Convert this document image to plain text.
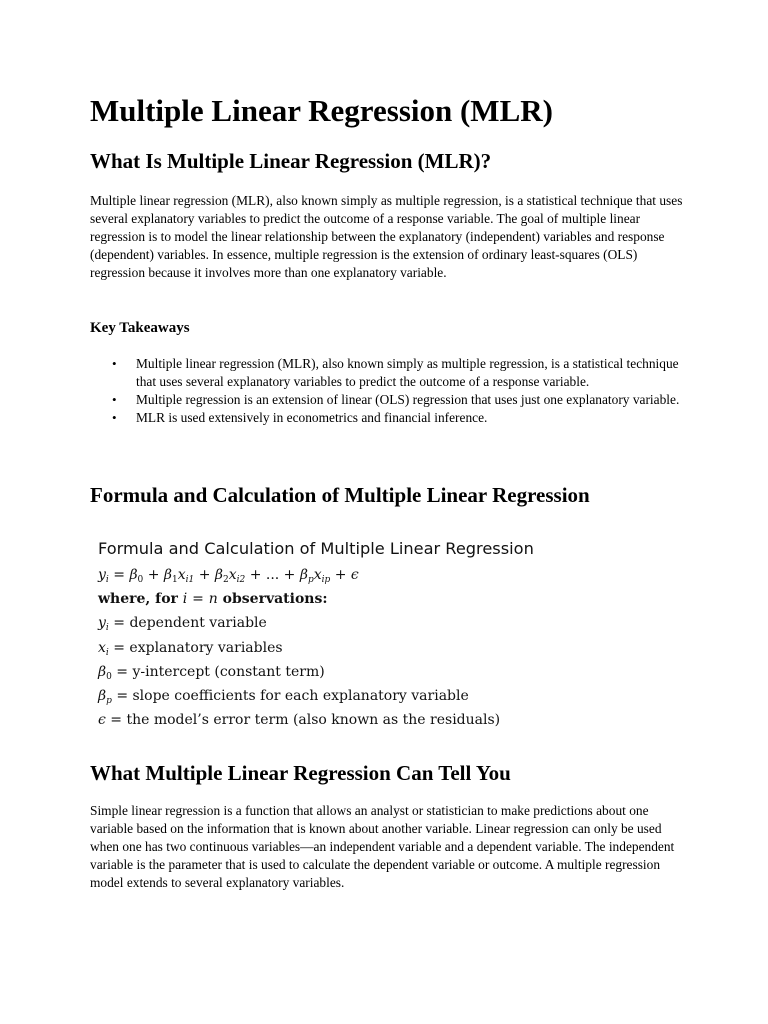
Multiple Linear Regression (MLR)
What Is Multiple Linear Regression (MLR)?

Multiple linear regression (MLR), also known simply as multiple regression, is a statistical technique that uses several explanatory variables to predict the outcome of a response variable. The goal of multiple linear regression is to model the linear relationship between the explanatory (independent) variables and response (dependent) variables. In essence, multiple regression is the extension of ordinary least-squares (OLS) regression because it involves more than one explanatory variable.

Key Takeaways
• Multiple linear regression (MLR), also known simply as multiple regression, is a statistical technique that uses several explanatory variables to predict the outcome of a response variable.
• Multiple regression is an extension of linear (OLS) regression that uses just one explanatory variable.
• MLR is used extensively in econometrics and financial inference.
Formula and Calculation of Multiple Linear Regression
Formula and Calculation of Multiple Linear Regression
$y_i = \beta_0 + \beta_1x_{i1} + \beta_2x_{i2}$ + ... + $\beta_px_{ip} + \epsilon$
where, for i = n observations:
$y_i$ = dependent variable
$x_i$ = explanatory variables
$\beta_0$ = y-intercept (constant term)
$\beta_p$ = slope coefficients for each explanatory variable
ϵ = the model’s error term (also known as the residuals)
What Multiple Linear Regression Can Tell You

Simple linear regression is a function that allows an analyst or statistician to make predictions about one variable based on the information that is known about another variable. Linear regression can only be used when one has two continuous variables—an independent variable and a dependent variable. The independent variable is the parameter that is used to calculate the dependent variable or outcome. A multiple regression model extends to several explanatory variables.
